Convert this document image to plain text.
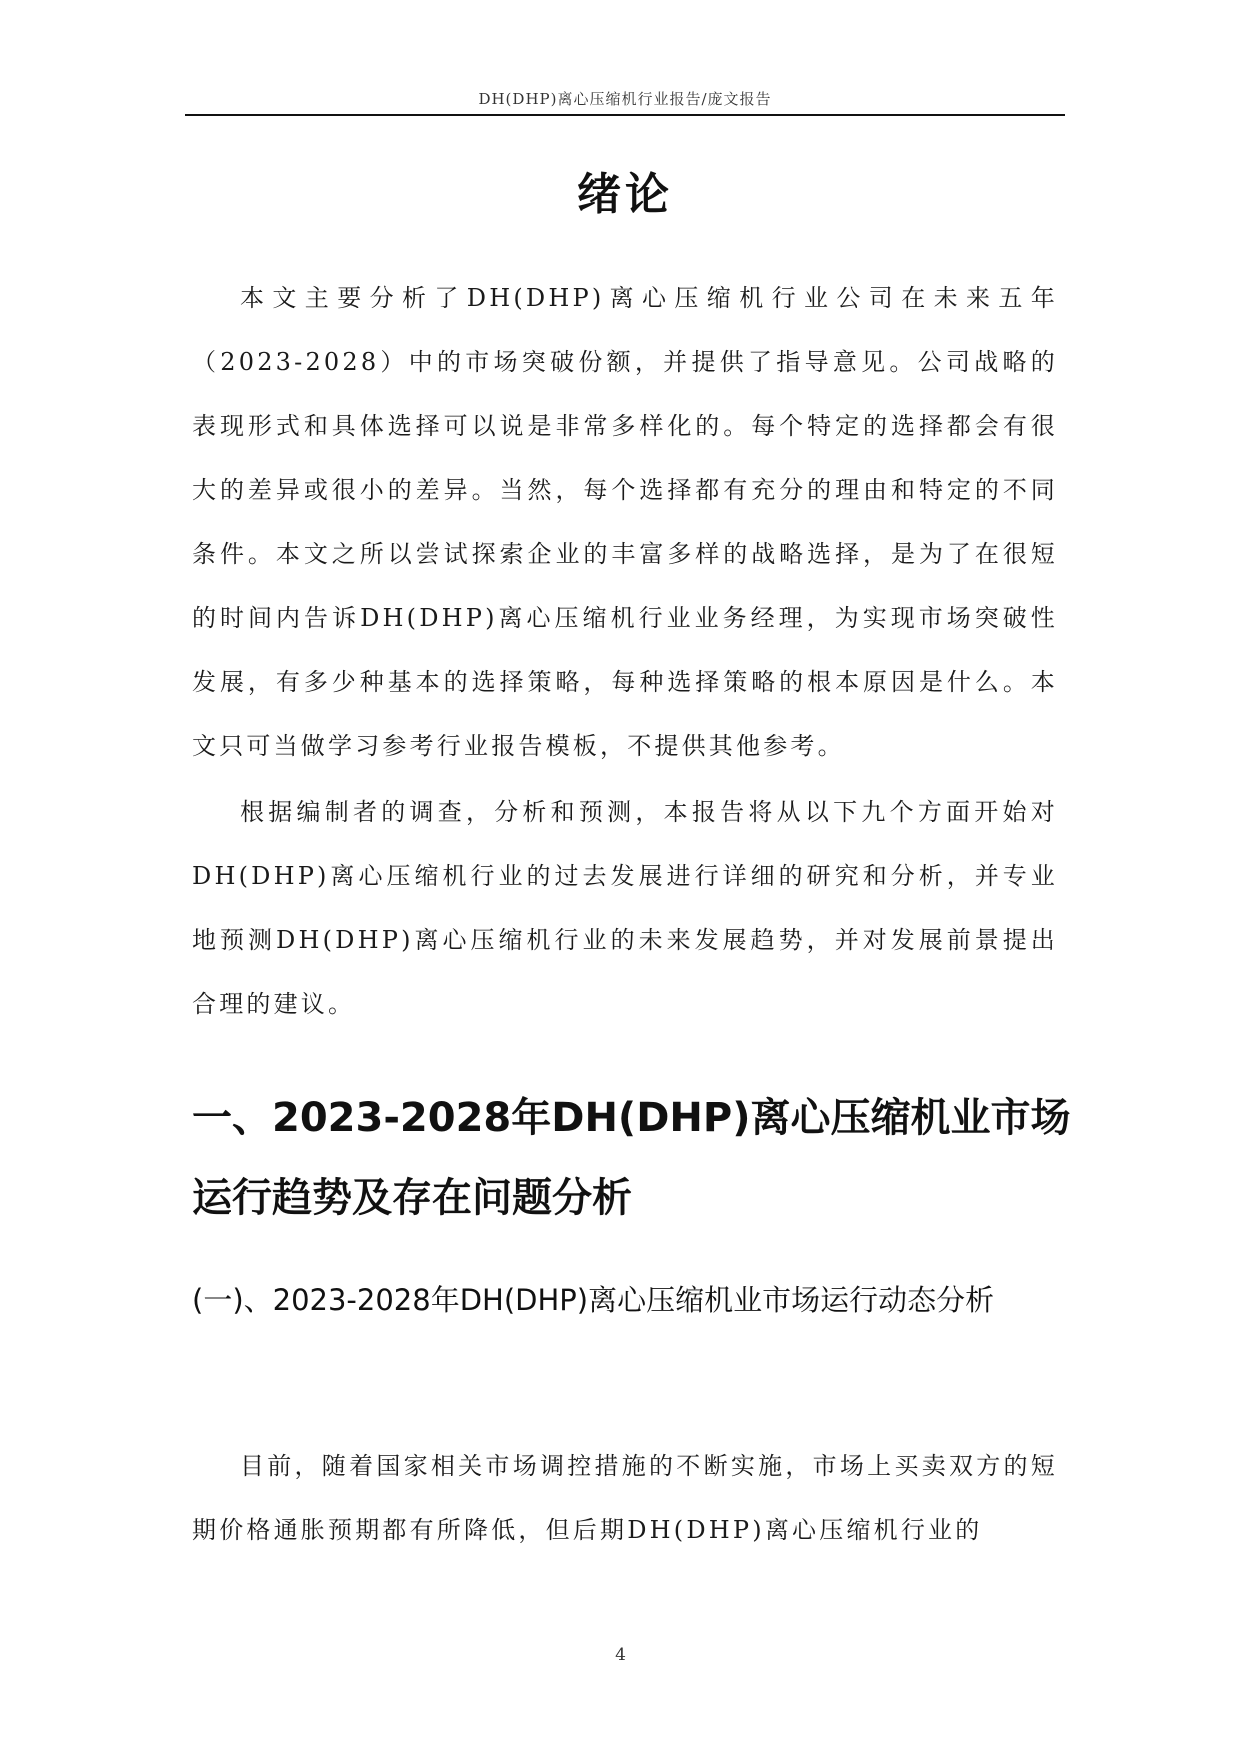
DH(DHP)离心压缩机行业报告/庞文报告
绪论

本文主要分析了DH(DHP)离心压缩机行业公司在未来五年（2023-2028）中的市场突破份额，并提供了指导意见。公司战略的表现形式和具体选择可以说是非常多样化的。每个特定的选择都会有很大的差异或很小的差异。当然，每个选择都有充分的理由和特定的不同条件。本文之所以尝试探索企业的丰富多样的战略选择，是为了在很短的时间内告诉DH(DHP)离心压缩机行业业务经理，为实现市场突破性发展，有多少种基本的选择策略，每种选择策略的根本原因是什么。本文只可当做学习参考行业报告模板，不提供其他参考。

根据编制者的调查，分析和预测，本报告将从以下九个方面开始对DH(DHP)离心压缩机行业的过去发展进行详细的研究和分析，并专业地预测DH(DHP)离心压缩机行业的未来发展趋势，并对发展前景提出合理的建议。

一、2023-2028年DH(DHP)离心压缩机业市场运行趋势及存在问题分析
(一)、2023-2028年DH(DHP)离心压缩机业市场运行动态分析

目前，随着国家相关市场调控措施的不断实施，市场上买卖双方的短期价格通胀预期都有所降低，但后期DH(DHP)离心压缩机行业的

4
